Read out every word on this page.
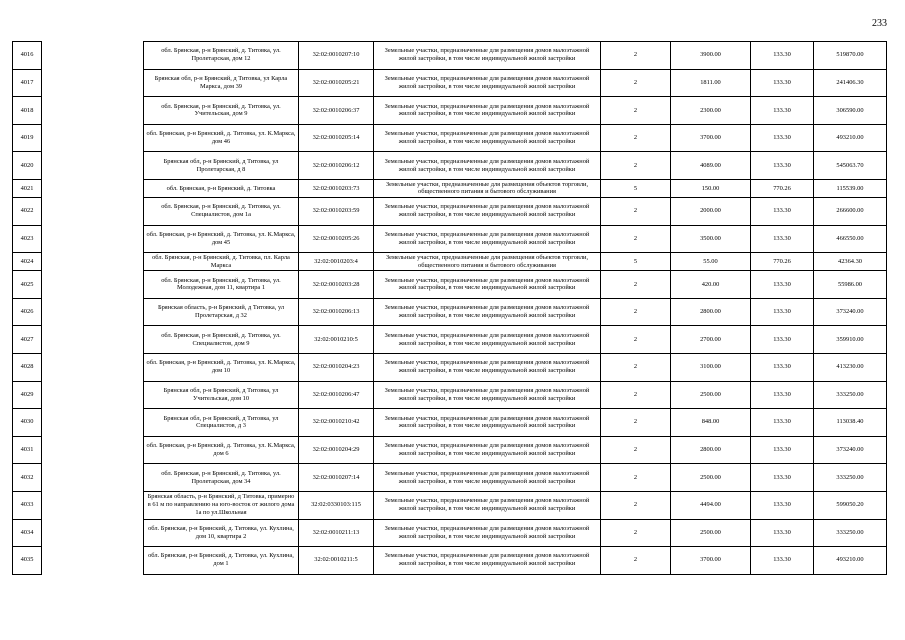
233
4016		обл. Брянская, р-н Брянский, д. Титовка, ул. Пролетарская, дом 12	32:02:0010207:10	Земельные участки, предназначенные для размещения домов малоэтажной жилой застройки, в том числе индивидуальной жилой застройки	2	3900.00	133.30	519870.00
4017		Брянская обл, р-н Брянский, д Титовка, ул Карла Маркса, дом 39	32:02:0010205:21	Земельные участки, предназначенные для размещения домов малоэтажной жилой застройки, в том числе индивидуальной жилой застройки	2	1811.00	133.30	241406.30
4018		обл. Брянская, р-н Брянский, д. Титовка, ул. Учительская, дом 9	32:02:0010206:37	Земельные участки, предназначенные для размещения домов малоэтажной жилой застройки, в том числе индивидуальной жилой застройки	2	2300.00	133.30	306590.00
4019		обл. Брянская, р-н Брянский, д. Титовка, ул. К.Маркса, дом 46	32:02:0010205:14	Земельные участки, предназначенные для размещения домов малоэтажной жилой застройки, в том числе индивидуальной жилой застройки	2	3700.00	133.30	493210.00
4020		Брянская обл, р-н Брянский, д Титовка, ул Пролетарская, д 8	32:02:0010206:12	Земельные участки, предназначенные для размещения домов малоэтажной жилой застройки, в том числе индивидуальной жилой застройки	2	4089.00	133.30	545063.70
4021		обл. Брянская, р-н Брянский, д. Титовка	32:02:0010203:73	Земельные участки, предназначенные для размещения объектов торговли, общественного питания и бытового обслуживания	5	150.00	770.26	115539.00
4022		обл. Брянская, р-н Брянский, д. Титовка, ул. Специалистов, дом 1а	32:02:0010203:59	Земельные участки, предназначенные для размещения домов малоэтажной жилой застройки, в том числе индивидуальной жилой застройки	2	2000.00	133.30	266600.00
4023		обл. Брянская, р-н Брянский, д. Титовка, ул. К.Маркса, дом 45	32:02:0010205:26	Земельные участки, предназначенные для размещения домов малоэтажной жилой застройки, в том числе индивидуальной жилой застройки	2	3500.00	133.30	466550.00
4024		обл. Брянская, р-н Брянский, д. Титовка, пл. Карла Маркса	32:02:0010203:4	Земельные участки, предназначенные для размещения объектов торговли, общественного питания и бытового обслуживания	5	55.00	770.26	42364.30
4025		обл. Брянская, р-н Брянский, д. Титовка, ул. Молодежная, дом 11, квартира 1	32:02:0010203:28	Земельные участки, предназначенные для размещения домов малоэтажной жилой застройки, в том числе индивидуальной жилой застройки	2	420.00	133.30	55986.00
4026		Брянская область, р-н Брянский, д Титовка, ул Пролетарская, д 32	32:02:0010206:13	Земельные участки, предназначенные для размещения домов малоэтажной жилой застройки, в том числе индивидуальной жилой застройки	2	2800.00	133.30	373240.00
4027		обл. Брянская, р-н Брянский, д. Титовка, ул. Специалистов, дом 9	32:02:0010210:5	Земельные участки, предназначенные для размещения домов малоэтажной жилой застройки, в том числе индивидуальной жилой застройки	2	2700.00	133.30	359910.00
4028		обл. Брянская, р-н Брянский, д. Титовка, ул. К.Маркса, дом 10	32:02:0010204:23	Земельные участки, предназначенные для размещения домов малоэтажной жилой застройки, в том числе индивидуальной жилой застройки	2	3100.00	133.30	413230.00
4029		Брянская обл, р-н Брянский, д Титовка, ул Учительская, дом 10	32:02:0010206:47	Земельные участки, предназначенные для размещения домов малоэтажной жилой застройки, в том числе индивидуальной жилой застройки	2	2500.00	133.30	333250.00
4030		Брянская обл, р-н Брянский, д Титовка, ул Специалистов, д 3	32:02:0010210:42	Земельные участки, предназначенные для размещения домов малоэтажной жилой застройки, в том числе индивидуальной жилой застройки	2	848.00	133.30	113038.40
4031		обл. Брянская, р-н Брянский, д. Титовка, ул. К.Маркса, дом 6	32:02:0010204:29	Земельные участки, предназначенные для размещения домов малоэтажной жилой застройки, в том числе индивидуальной жилой застройки	2	2800.00	133.30	373240.00
4032		обл. Брянская, р-н Брянский, д. Титовка, ул. Пролетарская, дом 34	32:02:0010207:14	Земельные участки, предназначенные для размещения домов малоэтажной жилой застройки, в том числе индивидуальной жилой застройки	2	2500.00	133.30	333250.00
4033		Брянская область, р-н Брянский, д Титовка, примерно в 61 м по направлению на юго-восток от жилого дома 1а по ул.Школьная	32:02:0330103:115	Земельные участки, предназначенные для размещения домов малоэтажной жилой застройки, в том числе индивидуальной жилой застройки	2	4494.00	133.30	599050.20
4034		обл. Брянская, р-н Брянский, д. Титовка, ул. Кухлина, дом 10, квартира 2	32:02:0010211:13	Земельные участки, предназначенные для размещения домов малоэтажной жилой застройки, в том числе индивидуальной жилой застройки	2	2500.00	133.30	333250.00
4035		обл. Брянская, р-н Брянский, д. Титовка, ул. Кухлина, дом 1	32:02:0010211:5	Земельные участки, предназначенные для размещения домов малоэтажной жилой застройки, в том числе индивидуальной жилой застройки	2	3700.00	133.30	493210.00
